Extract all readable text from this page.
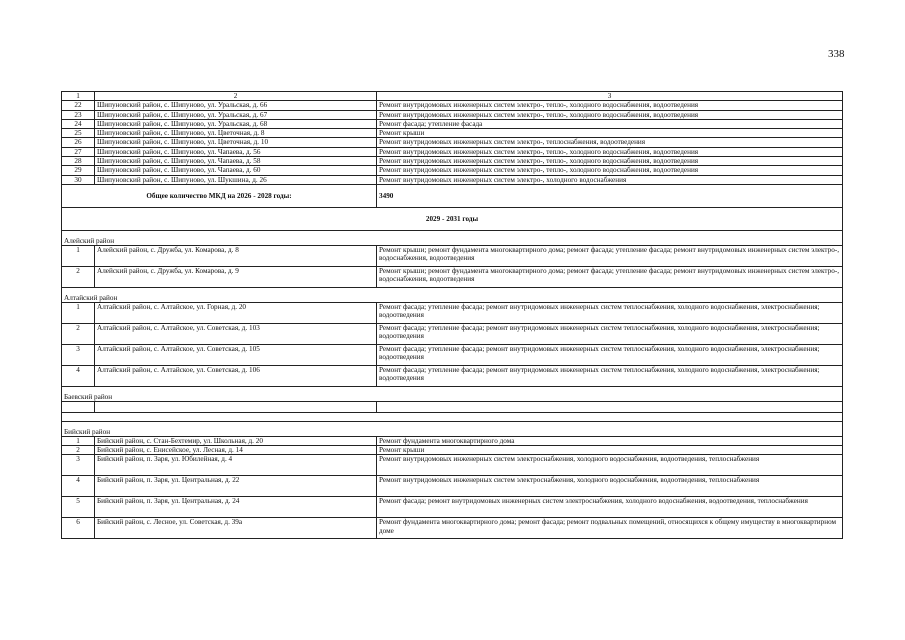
338
1	2	3
22	Шипуновский район, с. Шипуново, ул. Уральская, д. 66	Ремонт внутридомовых инженерных систем электро-, тепло-, холодного водоснабжения, водоотведения
23	Шипуновский район, с. Шипуново, ул. Уральская, д. 67	Ремонт внутридомовых инженерных систем электро-, тепло-, холодного водоснабжения, водоотведения
24	Шипуновский район, с. Шипуново, ул. Уральская, д. 68	Ремонт фасада; утепление фасада
25	Шипуновский район, с. Шипуново, ул. Цветочная, д. 8	Ремонт крыши
26	Шипуновский район, с. Шипуново, ул. Цветочная, д. 10	Ремонт внутридомовых инженерных систем электро-, теплоснабжения, водоотведения
27	Шипуновский район, с. Шипуново, ул. Чапаева, д. 56	Ремонт внутридомовых инженерных систем электро-, тепло-, холодного водоснабжения, водоотведения
28	Шипуновский район, с. Шипуново, ул. Чапаева, д. 58	Ремонт внутридомовых инженерных систем электро-, тепло-, холодного водоснабжения, водоотведения
29	Шипуновский район, с. Шипуново, ул. Чапаева, д. 60	Ремонт внутридомовых инженерных систем электро-, тепло-, холодного водоснабжения, водоотведения
30	Шипуновский район, с. Шипуново, ул. Шукшина, д. 26	Ремонт внутридомовых инженерных систем электро-, холодного водоснабжения

Общее количество МКД на 2026 - 2028 годы:		3490
2029 - 2031 годы		
Алейский район		
1	Алейский район, с. Дружба, ул. Комарова, д. 8	Ремонт крыши; ремонт фундамента многоквартирного дома; ремонт фасада; утепление фасада; ремонт внутридомовых инженерных систем электро-, водоснабжения, водоотведения
2	Алейский район, с. Дружба, ул. Комарова, д. 9	Ремонт крыши; ремонт фундамента многоквартирного дома; ремонт фасада; утепление фасада; ремонт внутридомовых инженерных систем электро-, водоснабжения, водоотведения
Алтайский район		
1	Алтайский район, с. Алтайское, ул. Горная, д. 20	Ремонт фасада; утепление фасада; ремонт внутридомовых инженерных систем теплоснабжения, холодного водоснабжения, электроснабжения; водоотведения
2	Алтайский район, с. Алтайское, ул. Советская, д. 103	Ремонт фасада; утепление фасада; ремонт внутридомовых инженерных систем теплоснабжения, холодного водоснабжения, электроснабжения; водоотведения
3	Алтайский район, с. Алтайское, ул. Советская, д. 105	Ремонт фасада; утепление фасада; ремонт внутридомовых инженерных систем теплоснабжения, холодного водоснабжения, электроснабжения; водоотведения
4	Алтайский район, с. Алтайское, ул. Советская, д. 106	Ремонт фасада; утепление фасада; ремонт внутридомовых инженерных систем теплоснабжения, холодного водоснабжения, электроснабжения; водоотведения
Баевский район		

Бийский район		
1	Бийский район, с. Стан-Бехтемир, ул. Школьная, д. 20	Ремонт фундамента многоквартирного дома
2	Бийский район, с. Енисейское, ул. Лесная, д. 14	Ремонт крыши
3	Бийский район, п. Заря, ул. Юбилейная, д. 4	Ремонт внутридомовых инженерных систем электроснабжения, холодного водоснабжения, водоотведения, теплоснабжения
4	Бийский район, п. Заря, ул. Центральная, д. 22	Ремонт внутридомовых инженерных систем электроснабжения, холодного водоснабжения, водоотведения, теплоснабжения
5	Бийский район, п. Заря, ул. Центральная, д. 24	Ремонт фасада; ремонт внутридомовых инженерных систем электроснабжения, холодного водоснабжения, водоотведения, теплоснабжения
6	Бийский район, с. Лесное, ул. Советская, д. 39а	Ремонт фундамента многоквартирного дома; ремонт фасада; ремонт подвальных помещений, относящихся к общему имуществу в многоквартирном доме
